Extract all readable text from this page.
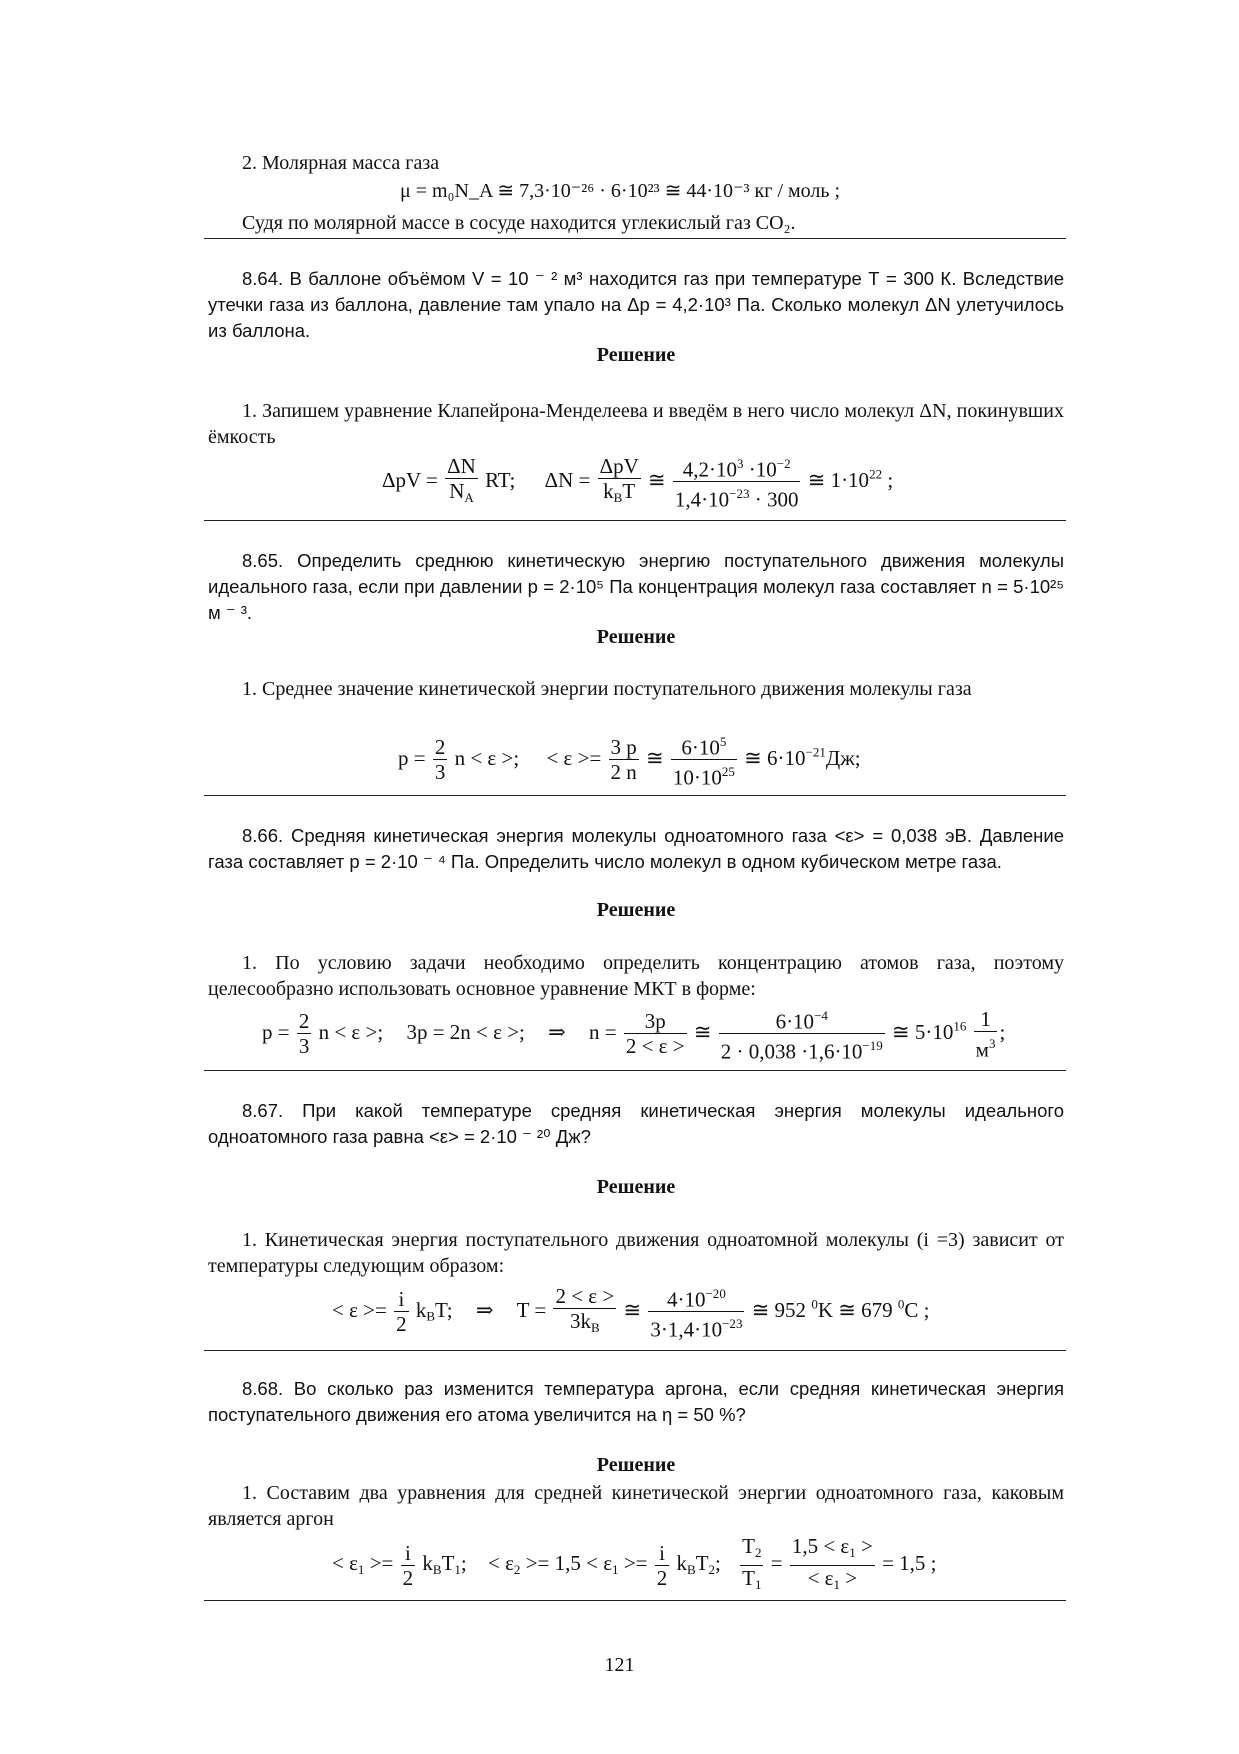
2. Молярная масса газа

μ = m₀N_A ≅ 7,3·10⁻²⁶ · 6·10²³ ≅ 44·10⁻³ кг / моль ;

Судя по молярной массе в сосуде находится углекислый газ CO₂.

8.64. В баллоне объёмом V = 10 ⁻ ² м³ находится газ при температуре Т = 300 К. Вследствие утечки газа из баллона, давление там упало на Δр = 4,2·10³ Па. Сколько молекул ΔN улетучилось из баллона.
Решение
1. Запишем уравнение Клапейрона-Менделеева и введём в него число молекул ΔN, покинувших ёмкость
$\Delta pV = \frac{\Delta N}{NA}$ RT; $\Delta N = \frac{\text{ΔpV}}{\text{kBT}}$ ≅ $\frac{4,2\cdot 10^3 \cdot 10^{-2}}{1,4\cdot 10^{-23} \cdot 300}$ ≅ $1\cdot 10^{22}$ ;
8.65. Определить среднюю кинетическую энергию поступательного движения молекулы идеального газа, если при давлении р = 2·10⁵ Па концентрация молекул газа составляет n = 5·10²⁵ м ⁻ ³.
Решение
1. Среднее значение кинетической энергии поступательного движения молекулы газа
$p = \frac{2}{3}$ n < ε >; < $\varepsilon >= \frac{3 p}{2 n}$ ≅ $\frac{6\cdot 10^5}{10\cdot 10^{25}}$ ≅ $6\cdot 10^{-21}Дж$;
8.66. Средняя кинетическая энергия молекулы одноатомного газа <ε> = 0,038 эВ. Давление газа составляет р = 2·10 ⁻ ⁴ Па. Определить число молекул в одном кубическом метре газа.
Решение
1. По условию задачи необходимо определить концентрацию атомов газа, поэтому целесообразно использовать основное уравнение МКТ в форме:
$p = \frac{2}{3}$ n < ε >; 3p = 2n < ε >; ⇒ $n = \frac{3p}{2 < \varepsilon >}$ ≅ $\frac{6\cdot 10^{-4}}{2 \cdot 0,038 \cdot 1,6\cdot 10^{-19}}$ ≅ $5\cdot 10^{16} \frac{1}{м^3}$ ;
8.67. При какой температуре средняя кинетическая энергия молекулы идеального одноатомного газа равна <ε> = 2·10 ⁻ ²⁰ Дж?
Решение
1. Кинетическая энергия поступательного движения одноатомной молекулы (i =3) зависит от температуры следующим образом:
< $\varepsilon >= \frac{i}{2}$ kBT; ⇒ $T = \frac{2 < \varepsilon >}{3kB}$ ≅ $\frac{4\cdot 10^{-20}}{3\cdot 1,4\cdot 10^{-23}}$ ≅ 952 $^0$K ≅ 679 $^0$C ;
8.68. Во сколько раз изменится температура аргона, если средняя кинетическая энергия поступательного движения его атома увеличится на η = 50 %?
Решение
1. Составим два уравнения для средней кинетической энергии одноатомного газа, каковым является аргон
< $\varepsilon 1 >= \frac{i}{2} kBT1$; < $\varepsilon 2 >= 1,5 < \varepsilon 1 >= \frac{i}{2} kBT2$; $\frac{T2}{T1} = \frac{1,5 < \varepsilon 1 >}{< \varepsilon 1 >} = 1,5$ ;
121
